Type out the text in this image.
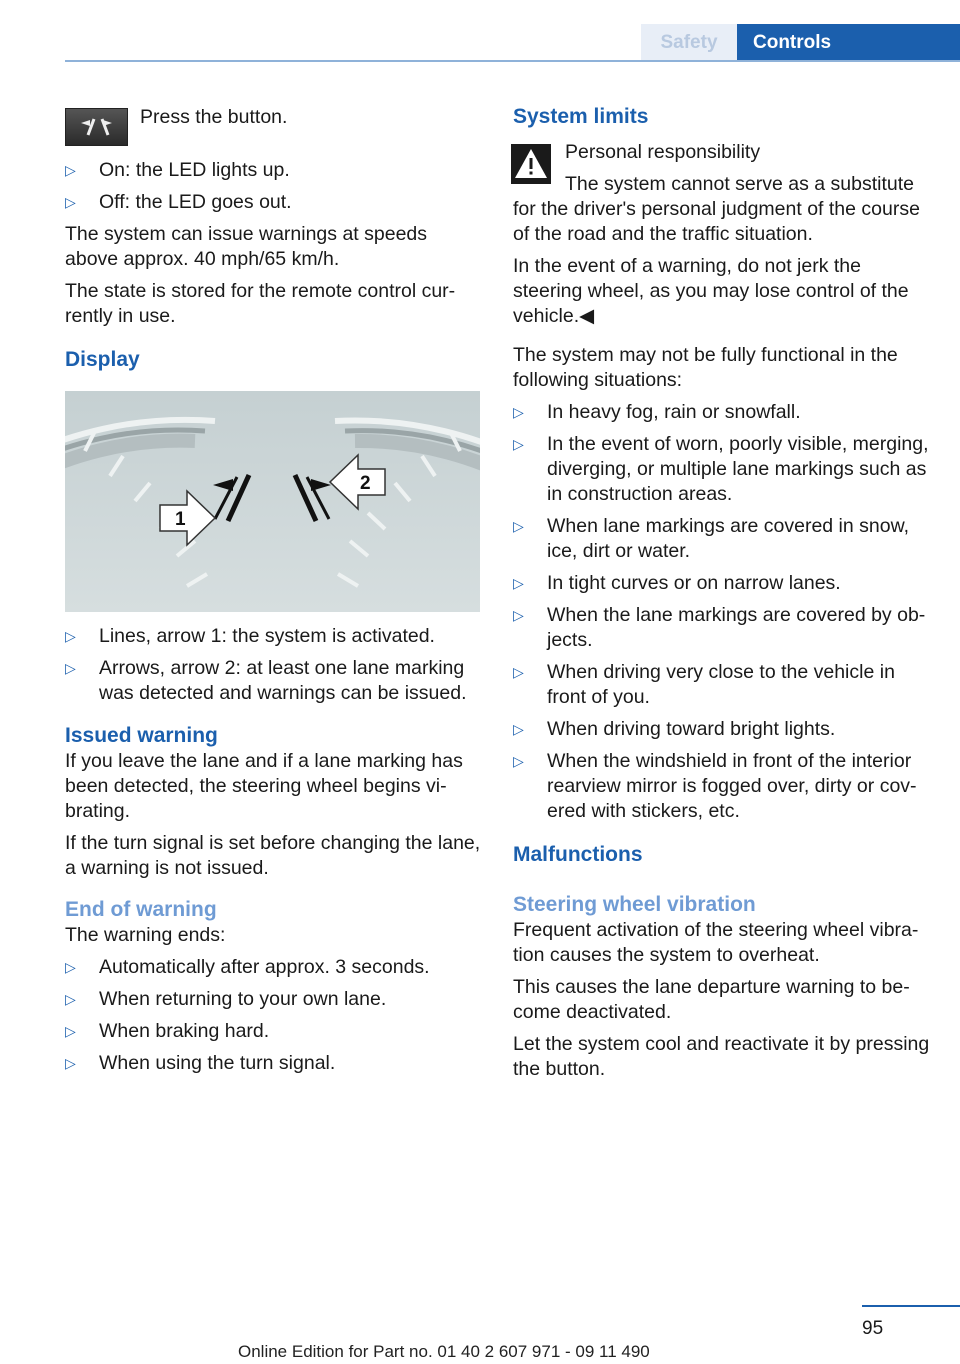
Safety	Controls
Press the button.
▷ On: the LED lights up.
▷ Off: the LED goes out.

The system can issue warnings at speeds above approx. 40 mph/65 km/h.

The state is stored for the remote control cur‐rently in use.

Display
1
2
▷ Lines, arrow 1: the system is activated.
▷ Arrows, arrow 2: at least one lane marking was detected and warnings can be issued.
Issued warning

If you leave the lane and if a lane marking has been detected, the steering wheel begins vi‐brating.

If the turn signal is set before changing the lane, a warning is not issued.

End of warning

The warning ends:

▷ Automatically after approx. 3 seconds.
▷ When returning to your own lane.
▷ When braking hard.
▷ When using the turn signal.
System limits
Personal responsibility

The system cannot serve as a substitute for the driver's personal judgment of the course of the road and the traffic situation.

In the event of a warning, do not jerk the steering wheel, as you may lose control of the vehicle.◀

The system may not be fully functional in the following situations:

▷ In heavy fog, rain or snowfall.
▷ In the event of worn, poorly visible, merging, diverging, or multiple lane markings such as in construction areas.
▷ When lane markings are covered in snow, ice, dirt or water.
▷ In tight curves or on narrow lanes.
▷ When the lane markings are covered by ob‐jects.
▷ When driving very close to the vehicle in front of you.
▷ When driving toward bright lights.
▷ When the windshield in front of the interior rearview mirror is fogged over, dirty or cov‐ered with stickers, etc.
Malfunctions
Steering wheel vibration

Frequent activation of the steering wheel vibra‐tion causes the system to overheat.

This causes the lane departure warning to be‐come deactivated.

Let the system cool and reactivate it by pressing the button.

95
Online Edition for Part no. 01 40 2 607 971 - 09 11 490
